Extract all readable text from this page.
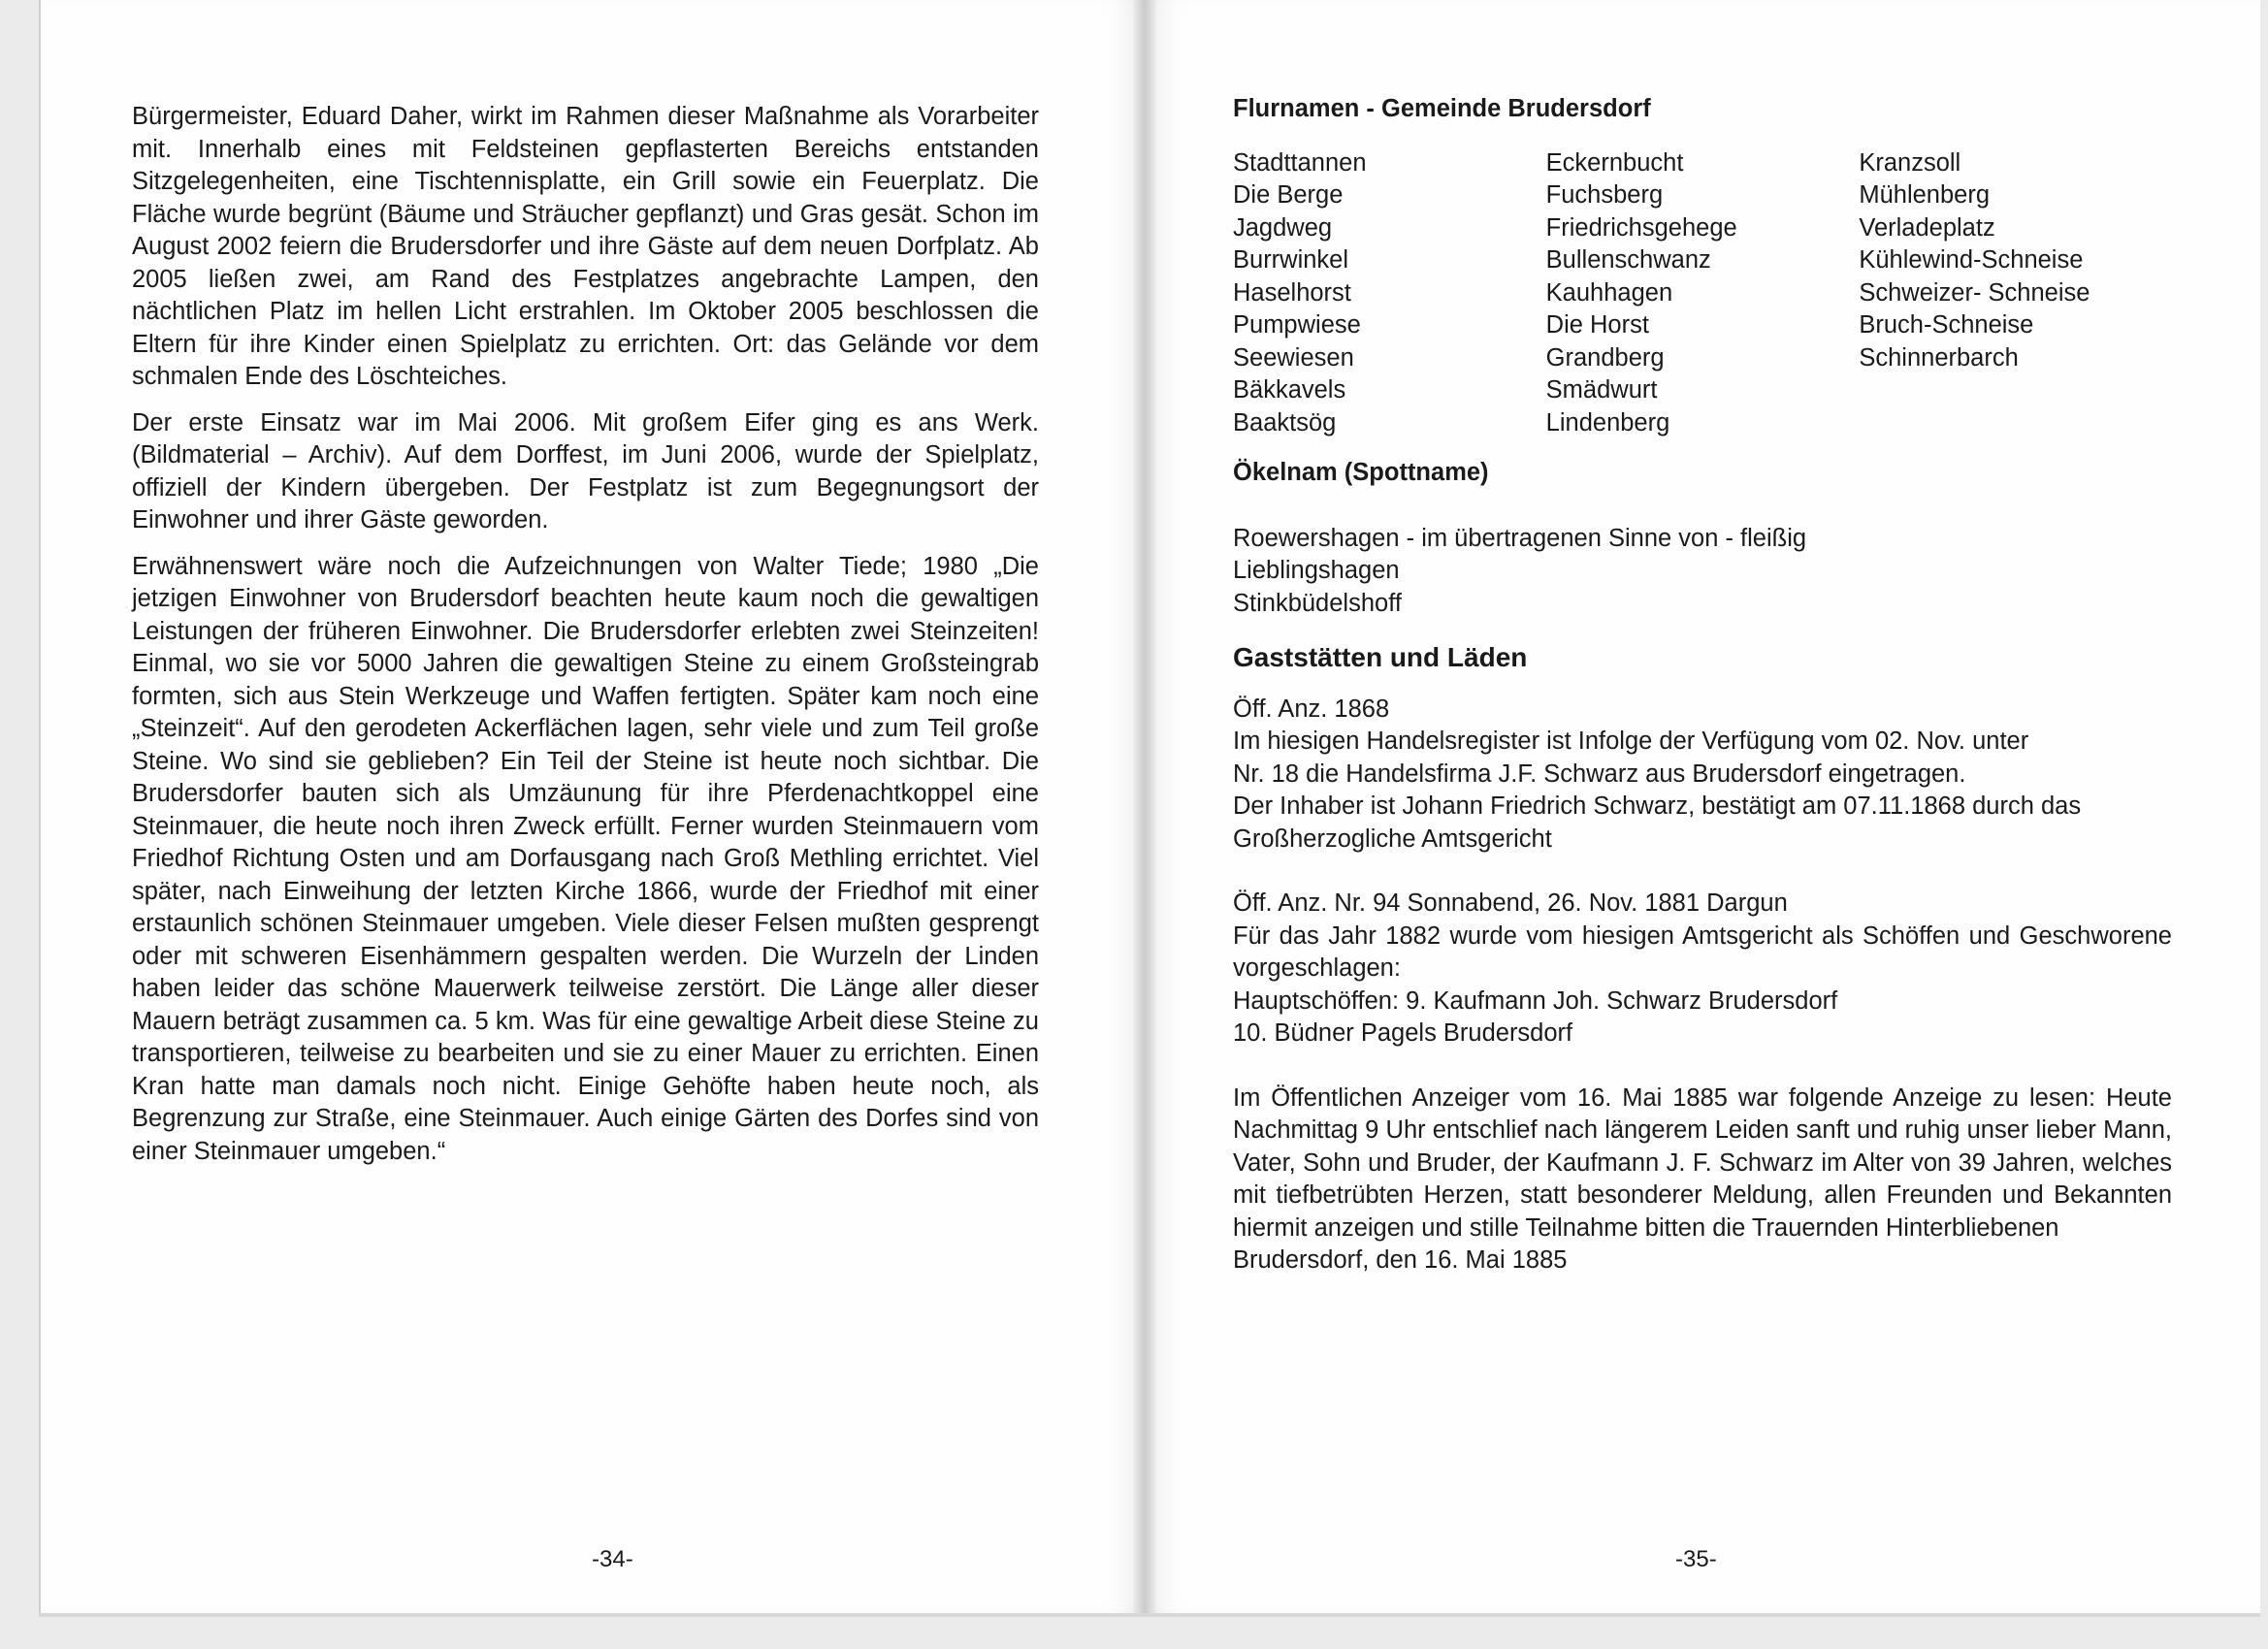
Bürgermeister, Eduard Daher, wirkt im Rahmen dieser Maßnahme als Vorarbeiter mit. Innerhalb eines mit Feldsteinen gepflasterten Bereichs entstanden Sitzgelegenheiten, eine Tischtennisplatte, ein Grill sowie ein Feuerplatz. Die Fläche wurde begrünt (Bäume und Sträucher gepflanzt) und Gras gesät. Schon im August 2002 feiern die Brudersdorfer und ihre Gäste auf dem neuen Dorfplatz. Ab 2005 ließen zwei, am Rand des Festplatzes angebrachte Lampen, den nächtlichen Platz im hellen Licht erstrahlen. Im Oktober 2005 beschlossen die Eltern für ihre Kinder einen Spielplatz zu errichten. Ort: das Gelände vor dem schmalen Ende des Löschteiches.

Der erste Einsatz war im Mai 2006. Mit großem Eifer ging es ans Werk. (Bildmaterial – Archiv). Auf dem Dorffest, im Juni 2006, wurde der Spielplatz, offiziell der Kindern übergeben. Der Festplatz ist zum Begegnungsort der Einwohner und ihrer Gäste geworden.

Erwähnenswert wäre noch die Aufzeichnungen von Walter Tiede; 1980 „Die jetzigen Einwohner von Brudersdorf beachten heute kaum noch die gewaltigen Leistungen der früheren Einwohner. Die Brudersdorfer erlebten zwei Steinzeiten! Einmal, wo sie vor 5000 Jahren die gewaltigen Steine zu einem Großsteingrab formten, sich aus Stein Werkzeuge und Waffen fertigten. Später kam noch eine „Steinzeit“. Auf den gerodeten Ackerflächen lagen, sehr viele und zum Teil große Steine. Wo sind sie geblieben? Ein Teil der Steine ist heute noch sichtbar. Die Brudersdorfer bauten sich als Umzäunung für ihre Pferdenachtkoppel eine Steinmauer, die heute noch ihren Zweck erfüllt. Ferner wurden Steinmauern vom Friedhof Richtung Osten und am Dorfausgang nach Groß Methling errichtet. Viel später, nach Einweihung der letzten Kirche 1866, wurde der Friedhof mit einer erstaunlich schönen Steinmauer umgeben. Viele dieser Felsen mußten gesprengt oder mit schweren Eisenhämmern gespalten werden. Die Wurzeln der Linden haben leider das schöne Mauerwerk teilweise zerstört. Die Länge aller dieser Mauern beträgt zusammen ca. 5 km. Was für eine gewaltige Arbeit diese Steine zu transportieren, teilweise zu bearbeiten und sie zu einer Mauer zu errichten. Einen Kran hatte man damals noch nicht. Einige Gehöfte haben heute noch, als Begrenzung zur Straße, eine Steinmauer. Auch einige Gärten des Dorfes sind von einer Steinmauer umgeben.“

-34-
Flurnamen - Gemeinde Brudersdorf
Stadttannen
Die Berge
Jagdweg
Burrwinkel
Haselhorst
Pumpwiese
Seewiesen
Bäkkavels
Baaktsög
Eckernbucht
Fuchsberg
Friedrichsgehege
Bullenschwanz
Kauhhagen
Die Horst
Grandberg
Smädwurt
Lindenberg
Kranzsoll
Mühlenberg
Verladeplatz
Kühlewind-Schneise
Schweizer- Schneise
Bruch-Schneise
Schinnerbarch
Ökelnam (Spottname)
Roewershagen - im übertragenen Sinne von - fleißig
Lieblingshagen
Stinkbüdelshoff
Gaststätten und Läden
Öff. Anz. 1868
Im hiesigen Handelsregister ist Infolge der Verfügung vom 02. Nov. unter
Nr. 18 die Handelsfirma J.F. Schwarz aus Brudersdorf eingetragen.
Der Inhaber ist Johann Friedrich Schwarz, bestätigt am 07.11.1868 durch das
Großherzogliche Amtsgericht
Öff. Anz. Nr. 94 Sonnabend, 26. Nov. 1881 Dargun
Für das Jahr 1882 wurde vom hiesigen Amtsgericht als Schöffen und Geschworene vorgeschlagen:
Hauptschöffen: 9. Kaufmann Joh. Schwarz Brudersdorf
10. Büdner Pagels Brudersdorf
Im Öffentlichen Anzeiger vom 16. Mai 1885 war folgende Anzeige zu lesen: Heute Nachmittag 9 Uhr entschlief nach längerem Leiden sanft und ruhig unser lieber Mann, Vater, Sohn und Bruder, der Kaufmann J. F. Schwarz im Alter von 39 Jahren, welches mit tiefbetrübten Herzen, statt besonderer Meldung, allen Freunden und Bekannten hiermit anzeigen und stille Teilnahme bitten die Trauernden Hinterbliebenen
Brudersdorf, den 16. Mai 1885
-35-
